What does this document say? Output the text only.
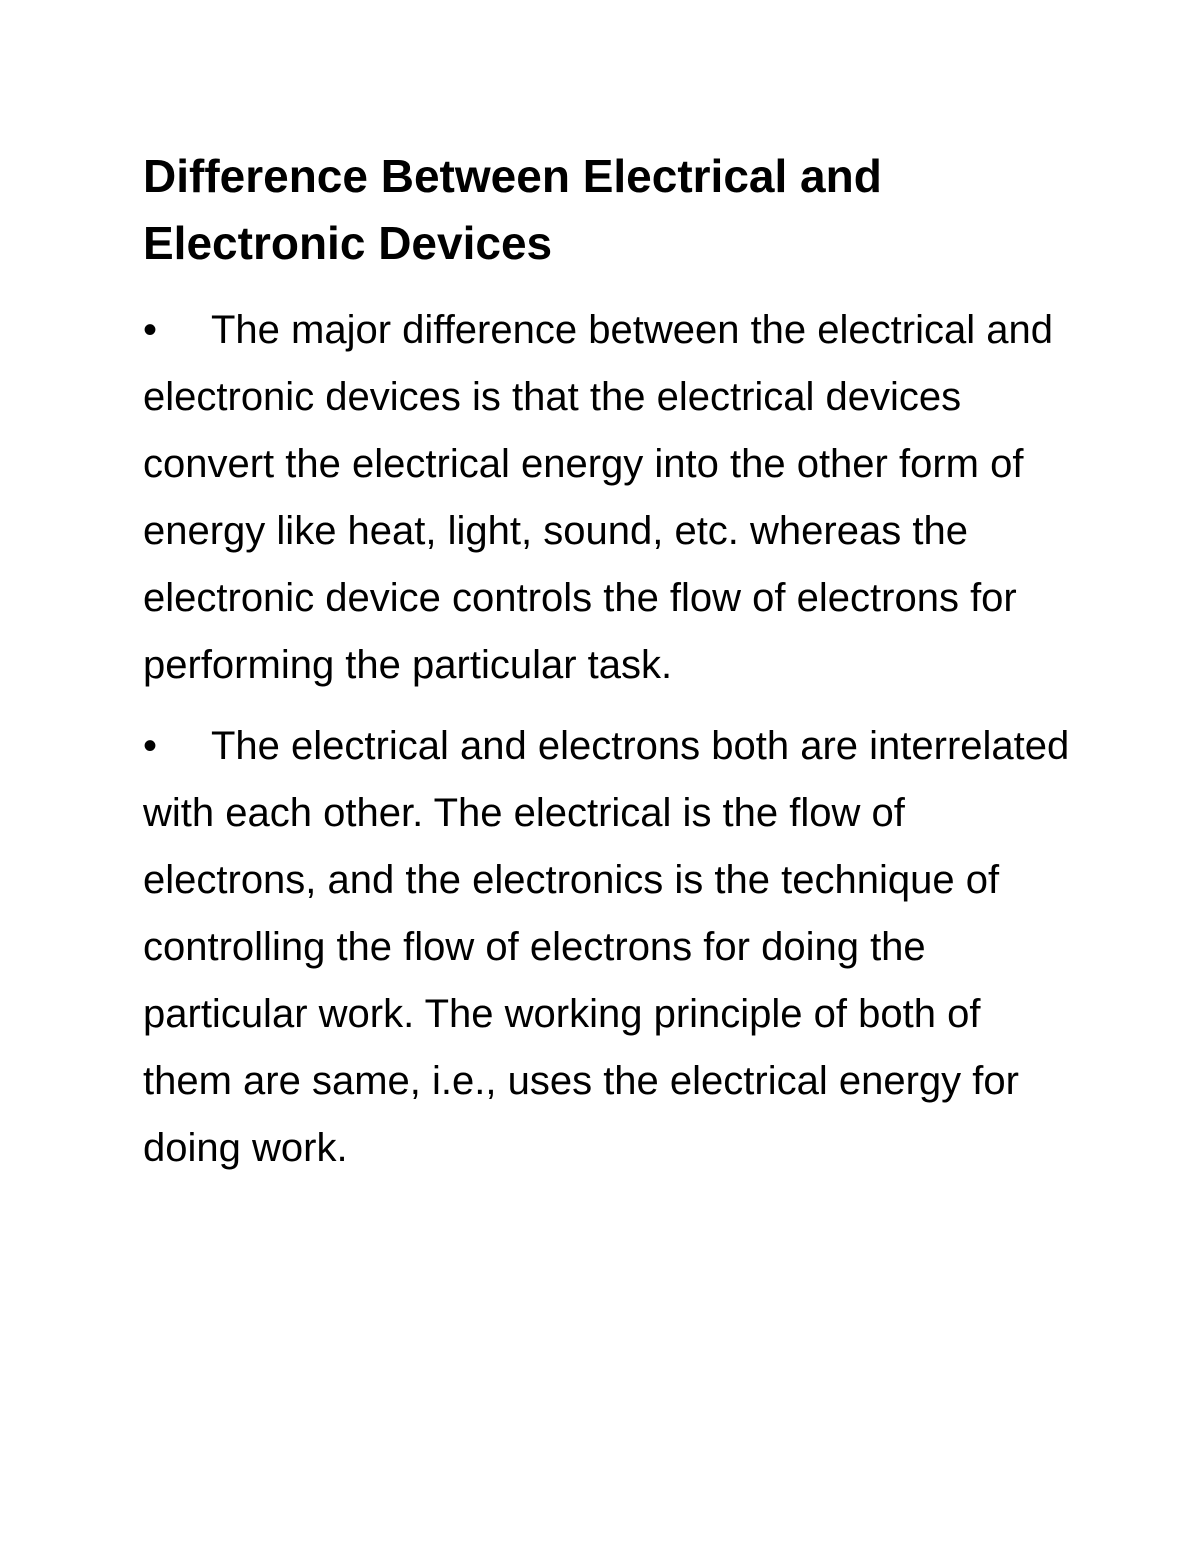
Difference Between Electrical and
Electronic Devices
•	The major difference between the electrical and electronic devices is that the electrical devices convert the electrical energy into the other form of energy like heat, light, sound, etc. whereas the electronic device controls the flow of electrons for performing the particular task.
•	The electrical and electrons both are interrelated with each other. The electrical is the flow of electrons, and the electronics is the technique of controlling the flow of electrons for doing the particular work. The working principle of both of them are same, i.e., uses the electrical energy for doing work.
